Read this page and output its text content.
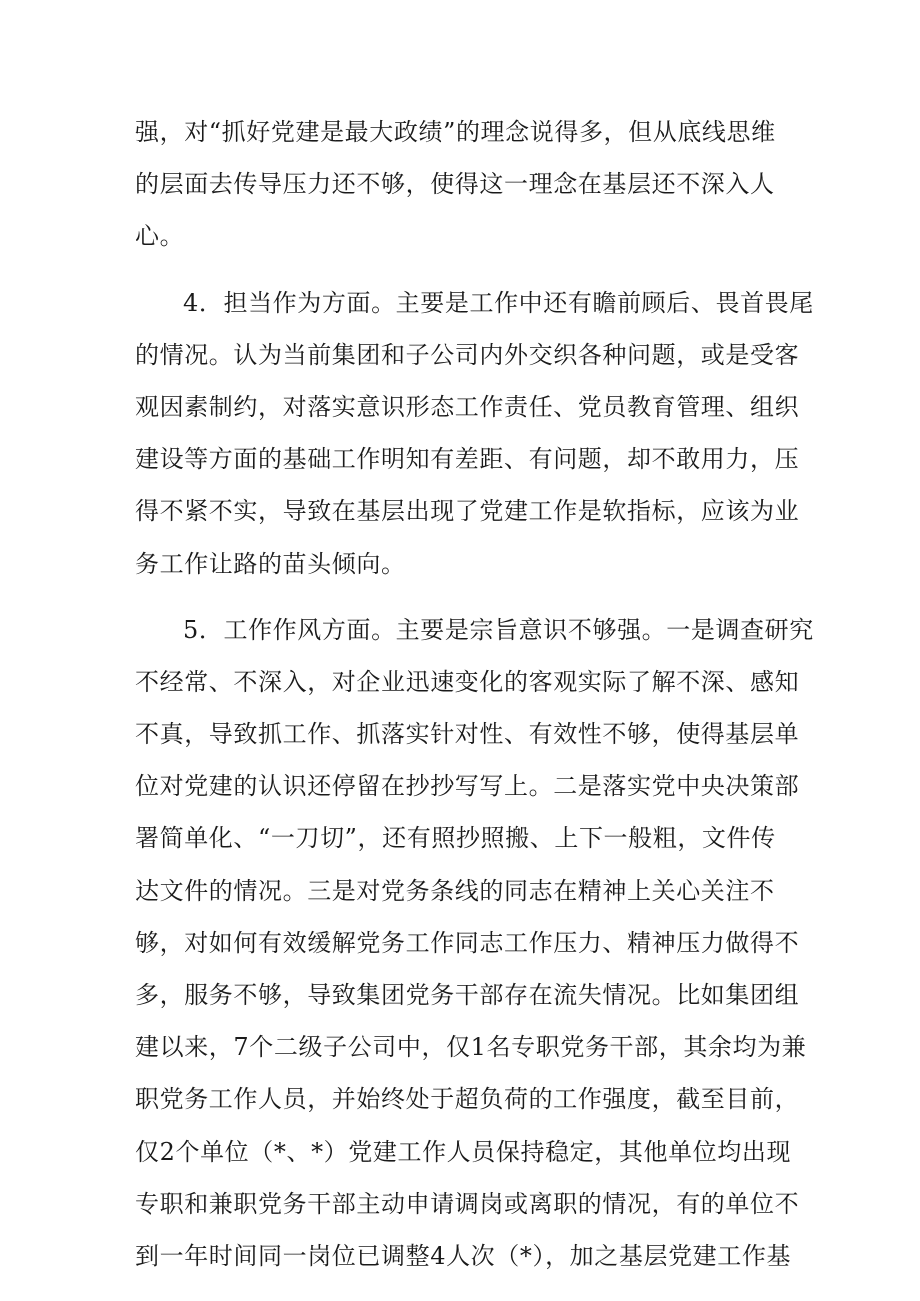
强，对“抓好党建是最大政绩”的理念说得多，但从底线思维
的层面去传导压力还不够，使得这一理念在基层还不深入人
心。
4．担当作为方面。主要是工作中还有瞻前顾后、畏首畏尾
的情况。认为当前集团和子公司内外交织各种问题，或是受客
观因素制约，对落实意识形态工作责任、党员教育管理、组织
建设等方面的基础工作明知有差距、有问题，却不敢用力，压
得不紧不实，导致在基层出现了党建工作是软指标，应该为业
务工作让路的苗头倾向。
5．工作作风方面。主要是宗旨意识不够强。一是调查研究
不经常、不深入，对企业迅速变化的客观实际了解不深、感知
不真，导致抓工作、抓落实针对性、有效性不够，使得基层单
位对党建的认识还停留在抄抄写写上。二是落实党中央决策部
署简单化、“一刀切”，还有照抄照搬、上下一般粗，文件传
达文件的情况。三是对党务条线的同志在精神上关心关注不
够，对如何有效缓解党务工作同志工作压力、精神压力做得不
多，服务不够，导致集团党务干部存在流失情况。比如集团组
建以来，7个二级子公司中，仅1名专职党务干部，其余均为兼
职党务工作人员，并始终处于超负荷的工作强度，截至目前，
仅2个单位（*、*）党建工作人员保持稳定，其他单位均出现
专职和兼职党务干部主动申请调岗或离职的情况，有的单位不
到一年时间同一岗位已调整4人次（*），加之基层党建工作基
